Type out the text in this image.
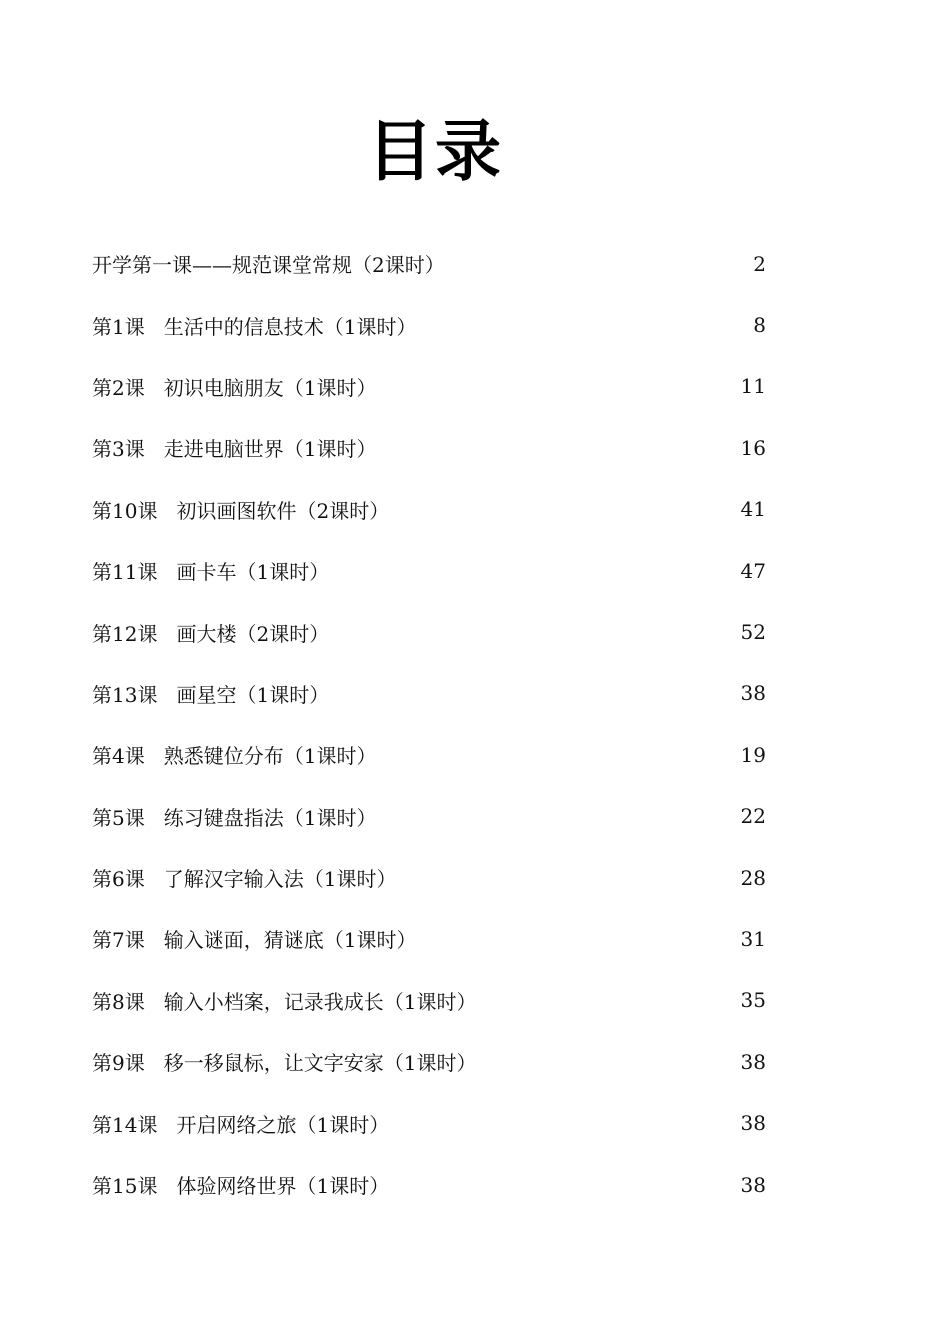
目录
开学第一课——规范课堂常规（2课时）	2
第1课   生活中的信息技术（1课时）	8
第2课   初识电脑朋友（1课时）	11
第3课   走进电脑世界（1课时）	16
第10课   初识画图软件（2课时）	41
第11课   画卡车（1课时）	47
第12课   画大楼（2课时）	52
第13课   画星空（1课时）	38
第4课   熟悉键位分布（1课时）	19
第5课   练习键盘指法（1课时）	22
第6课   了解汉字输入法（1课时）	28
第7课   输入谜面，猜谜底（1课时）	31
第8课   输入小档案，记录我成长（1课时）	35
第9课   移一移鼠标，让文字安家（1课时）	38
第14课   开启网络之旅（1课时）	38
第15课   体验网络世界（1课时）	38
